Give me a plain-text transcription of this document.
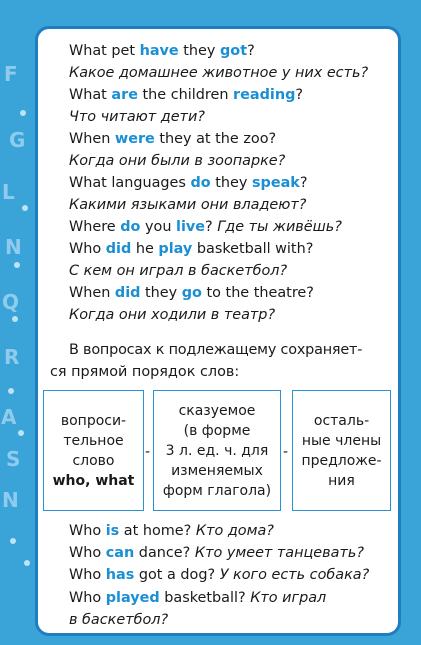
F
G
L
N
Q
R
A
S
N
What pet have they got?
Какое домашнее животное у них есть?
What are the children reading?
Что читают дети?
When were they at the zoo?
Когда они были в зоопарке?
What languages do they speak?
Какими языками они владеют?
Where do you live? Где ты живёшь?
Who did he play basketball with?
С кем он играл в баскетбол?
When did they go to the theatre?
Когда они ходили в театр?
В вопросах к подлежащему сохраняет-
ся прямой порядок слов:
вопроси-
тельное
слово
who, what
-
сказуемое
(в форме
3 л. ед. ч. для
изменяемых
форм глагола)
-
осталь-
ные члены
предложе-
ния
Who is at home? Кто дома?
Who can dance? Кто умеет танцевать?
Who has got a dog? У кого есть собака?
Who played basketball? Кто играл
в баскетбол?
